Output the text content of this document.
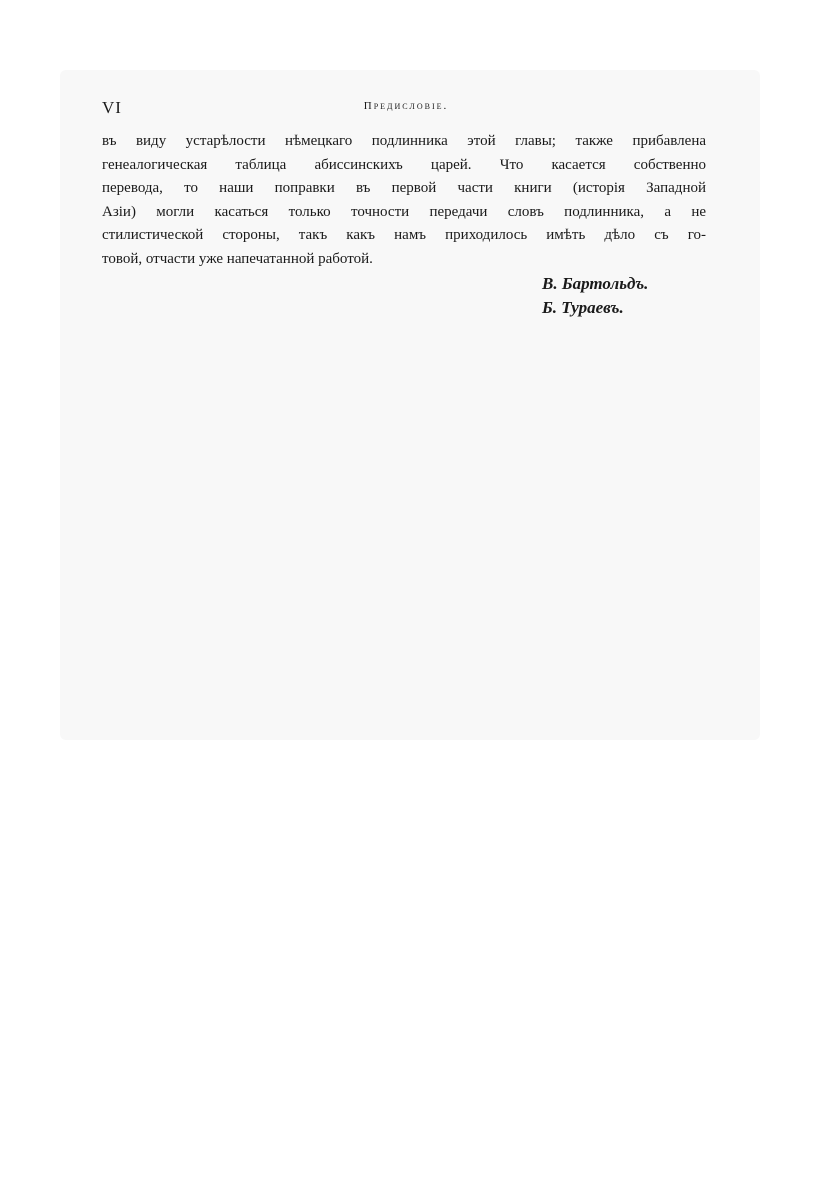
VI	Предисловіе.
въ виду устарѣлости нѣмецкаго подлинника этой главы; также прибавлена
генеалогическая таблица абиссинскихъ царей. Что касается собственно
перевода, то наши поправки въ первой части книги (исторія Западной
Азіи) могли касаться только точности передачи словъ подлинника, а не
стилистической стороны, такъ какъ намъ приходилось имѣть дѣло съ го-
товой, отчасти уже напечатанной работой.
В. Бартольдъ.
Б. Тураевъ.
